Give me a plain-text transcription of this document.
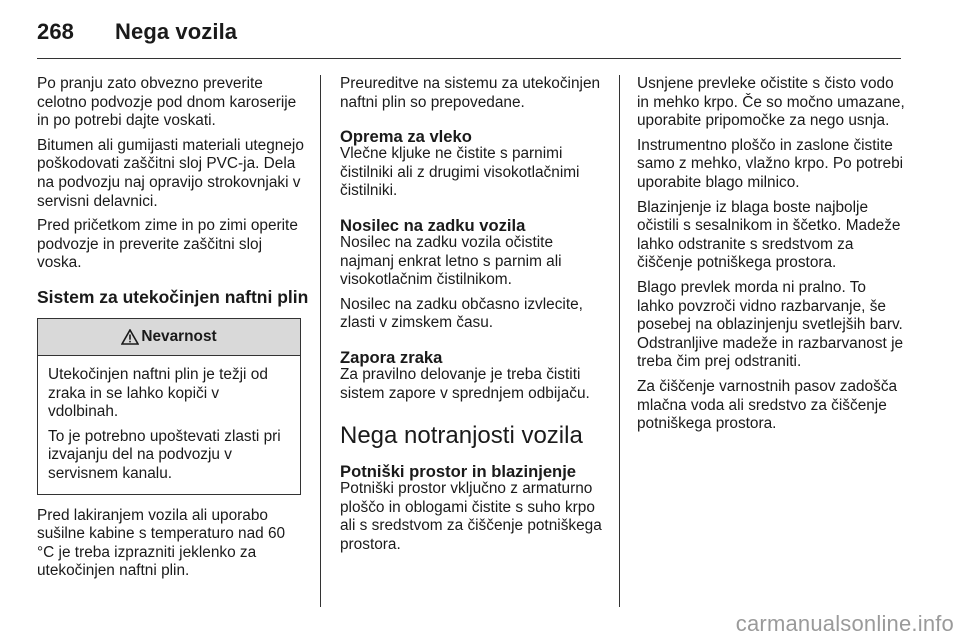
268	Nega vozila

Po pranju zato obvezno preverite celotno podvozje pod dnom karoserije in po potrebi dajte voskati.

Bitumen ali gumijasti materiali utegnejo poškodovati zaščitni sloj PVC-ja. Dela na podvozju naj opravijo strokovnjaki v servisni delavnici.

Pred pričetkom zime in po zimi operite podvozje in preverite zaščitni sloj voska.

Sistem za utekočinjen naftni plin
Nevarnost

Utekočinjen naftni plin je težji od zraka in se lahko kopiči v vdolbinah.

To je potrebno upoštevati zlasti pri izvajanju del na podvozju v servisnem kanalu.

Pred lakiranjem vozila ali uporabo sušilne kabine s temperaturo nad 60 °C je treba izprazniti jeklenko za utekočinjen naftni plin.

Preureditve na sistemu za utekočinjen naftni plin so prepovedane.

Oprema za vleko

Vlečne kljuke ne čistite s parnimi čistilniki ali z drugimi visokotlačnimi čistilniki.

Nosilec na zadku vozila

Nosilec na zadku vozila očistite najmanj enkrat letno s parnim ali visokotlačnim čistilnikom.

Nosilec na zadku občasno izvlecite, zlasti v zimskem času.

Zapora zraka

Za pravilno delovanje je treba čistiti sistem zapore v sprednjem odbijaču.

Nega notranjosti vozila
Potniški prostor in blazinjenje

Potniški prostor vključno z armaturno ploščo in oblogami čistite s suho krpo ali s sredstvom za čiščenje potniškega prostora.

Usnjene prevleke očistite s čisto vodo in mehko krpo. Če so močno umazane, uporabite pripomočke za nego usnja.

Instrumentno ploščo in zaslone čistite samo z mehko, vlažno krpo. Po potrebi uporabite blago milnico.

Blazinjenje iz blaga boste najbolje očistili s sesalnikom in ščetko. Madeže lahko odstranite s sredstvom za čiščenje potniškega prostora.

Blago prevlek morda ni pralno. To lahko povzroči vidno razbarvanje, še posebej na oblazinjenju svetlejših barv. Odstranljive madeže in razbarvanost je treba čim prej odstraniti.

Za čiščenje varnostnih pasov zadošča mlačna voda ali sredstvo za čiščenje potniškega prostora.

carmanualsonline.info
